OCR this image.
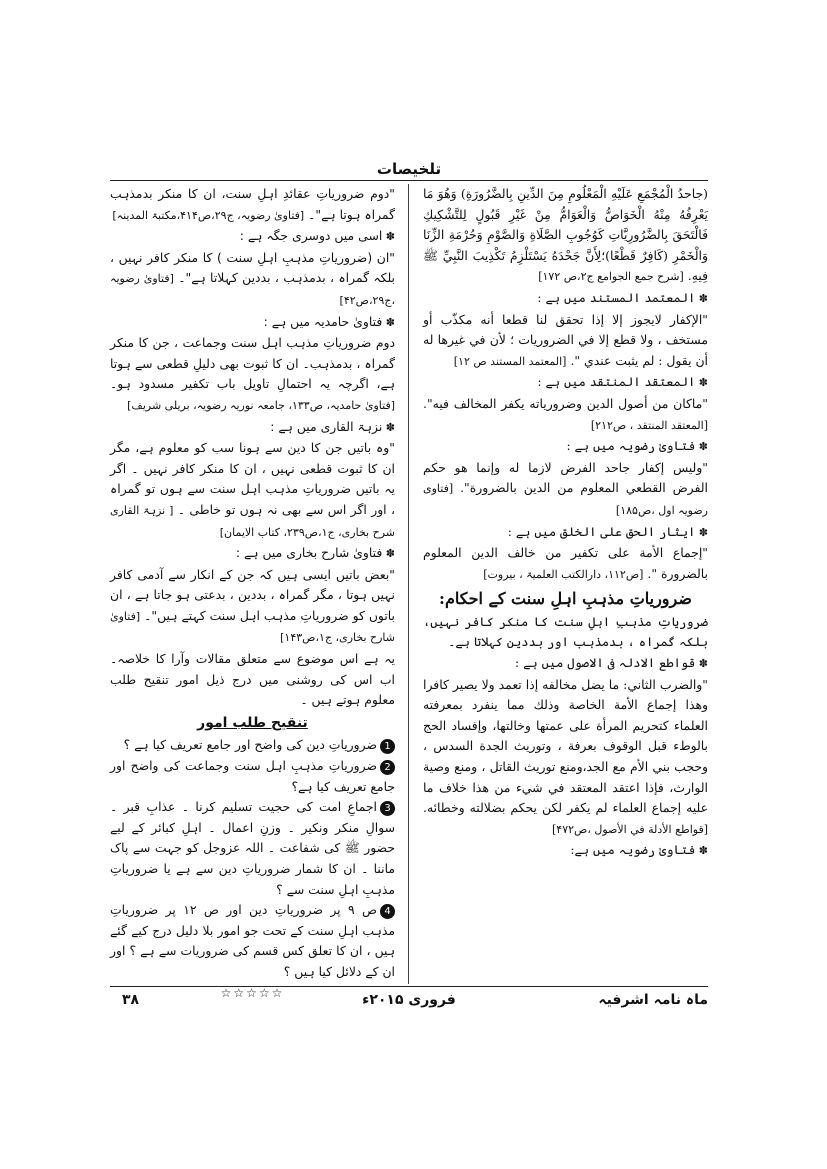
تلخیصات

(جاحدُ الْمُجْمَعِ عَلَيْهِ الْمَعْلُومِ مِنَ الدِّينِ بِالضَّرُورَةِ) وَهُوَ مَا يَعْرِفُهُ مِنْهُ الْخَوَاصُّ وَالْعَوَامُّ مِنْ غَيْرِ قَبُولٍ لِلتَّشْكِيكِ فَالْتَحَقَ بِالضَّرُورِيَّاتِ كَوُجُوبِ الصَّلَاةِ وَالصَّوْمِ وَحُرْمَةِ الزِّنَا وَالْخَمْرِ (كَافِرٌ قَطْعًا)؛لِأَنَّ جَحْدَهُ يَسْتَلْزِمُ تَكْذِيبَ النَّبِيِّ ﷺ فِيهِ. [شرح جمع الجوامع ج۲،ص ۱۷۲]

✽ المعتمد المستند میں ہے :

"الإكفار لايجوز إلا إذا تحقق لنا قطعا أنه مكذّب أو مستخف ، ولا قطع إلا في الضروريات ؛ لأن في غيرها له أن يقول : لم يثبت عندي ". [المعتمد المستند ص ۱۲]

✽ المعتقد المنتقد میں ہے :

"ماكان من أصول الدين وضرورياته يكفر المخالف فيه". [المعتقد المنتقد ، ص۲۱۲]

✽ فتاویٰ رضویہ میں ہے :

"وليس إكفار جاحد الفرض لازما له وإنما هو حكم الفرض القطعي المعلوم من الدين بالضرورة". [فتاوی رضویہ اول ،ص۱۸۵]

✽ ایثار الحق علی الخلق میں ہے :

"إجماع الأمة على تكفير من خالف الدين المعلوم بالضرورة ". [ص۱۱۲، دارالکتب العلمیۃ ، بیروت]

ضروریاتِ مذہبِ اہلِ سنت کے احکام:

ضروریاتِ مذہبِ اہلِ سنت کا منکر کافر نہیں، بلکہ گمراہ ، بدمذہب اور بددین کہلاتا ہے۔

✽ قواطع الادلہ فی الاصول میں ہے :

"والضرب الثاني: ما يضل مخالفه إذا تعمد ولا يصير كافرا وهذا إجماع الأمة الخاصة وذلك مما ينفرد بمعرفته العلماء كتحريم المرأة على عمتها وخالتها، وإفساد الحج بالوطء قبل الوقوف بعرفة ، وتوريث الجدة السدس ، وحجب بني الأم مع الجد،ومنع توريث القاتل ، ومنع وصية الوارث، فإذا اعتقد المعتقد في شيء من هذا خلاف ما عليه إجماع العلماء لم يكفر لكن يحكم بضلالته وخطائه. [قواطع الأدلة في الأصول ،ص۴۷۲]

✽ فتاویٰ رضویہ میں ہے:

"دوم ضروریاتِ عقائدِ اہلِ سنت، ان کا منکر بدمذہب گمراہ ہوتا ہے"۔ [فتاویٰ رضویہ، ج۲۹،ص۴۱۴،مکتبۃ المدینہ]

✽ اسی میں دوسری جگہ ہے :

"ان (ضروریاتِ مذہبِ اہلِ سنت ) کا منکر کافر نہیں ، بلکہ گمراہ ، بدمذہب ، بددین کہلاتا ہے"۔ [فتاویٰ رضویہ ،ج۲۹،ص۴۲]

✽ فتاویٰ حامدیہ میں ہے :

دوم ضروریاتِ مذہب اہل سنت وجماعت ، جن کا منکر گمراہ ، بدمذہب۔ ان کا ثبوت بھی دلیلِ قطعی سے ہوتا ہے، اگرچہ یہ احتمالِ تاویل باب تکفیر مسدود ہو۔ [فتاویٰ حامدیہ، ص۱۳۳، جامعہ نوریہ رضویہ، بریلی شریف]

✽ نزہۃ القاری میں ہے :

"وہ باتیں جن کا دین سے ہونا سب کو معلوم ہے، مگر ان کا ثبوت قطعی نہیں ، ان کا منکر کافر نہیں ۔ اگر یہ باتیں ضروریاتِ مذہب اہل سنت سے ہوں تو گمراہ ، اور اگر اس سے بھی نہ ہوں تو خاطی ۔ [ نزہۃ القاری شرح بخاری، ج۱،ص۲۳۹، کتاب الایمان]

✽ فتاویٰ شارح بخاری میں ہے :

"بعض باتیں ایسی ہیں کہ جن کے انکار سے آدمی کافر نہیں ہوتا ، مگر گمراہ ، بددین ، بدعتی ہو جاتا ہے ، ان باتوں کو ضروریاتِ مذہب اہل سنت کہتے ہیں"۔ [فتاویٰ شارح بخاری، ج۱،ص۱۴۳]

یہ ہے اس موضوع سے متعلق مقالات وآرا کا خلاصہ۔ اب اس کی روشنی میں درج ذیل امور تنقیح طلب معلوم ہوتے ہیں ۔

تنقیح طلب امور

1ضروریاتِ دین کی واضح اور جامع تعریف کیا ہے ؟

2ضروریاتِ مذہبِ اہل سنت وجماعت کی واضح اور جامع تعریف کیا ہے؟

3اجماعِ امت کی حجیت تسلیم کرنا ۔ عذابِ قبر ۔ سوالِ منکر ونکیر ۔ وزنِ اعمال ۔ اہلِ کبائر کے لیے حضور ﷺ کی شفاعت ۔ اللہ عزوجل کو جہت سے پاک ماننا ۔ ان کا شمار ضروریاتِ دین سے ہے یا ضروریاتِ مذہبِ اہلِ سنت سے ؟

4ص ۹ پر ضروریاتِ دین اور ص ۱۲ پر ضروریاتِ مذہب اہلِ سنت کے تحت جو امور بلا دلیل درج کیے گئے ہیں ، ان کا تعلق کس قسم کی ضروریات سے ہے ؟ اور ان کے دلائل کیا ہیں ؟

☆☆☆☆☆	ماہ نامہ اشرفیہ
فروری ۲۰۱۵ء
۳۸
